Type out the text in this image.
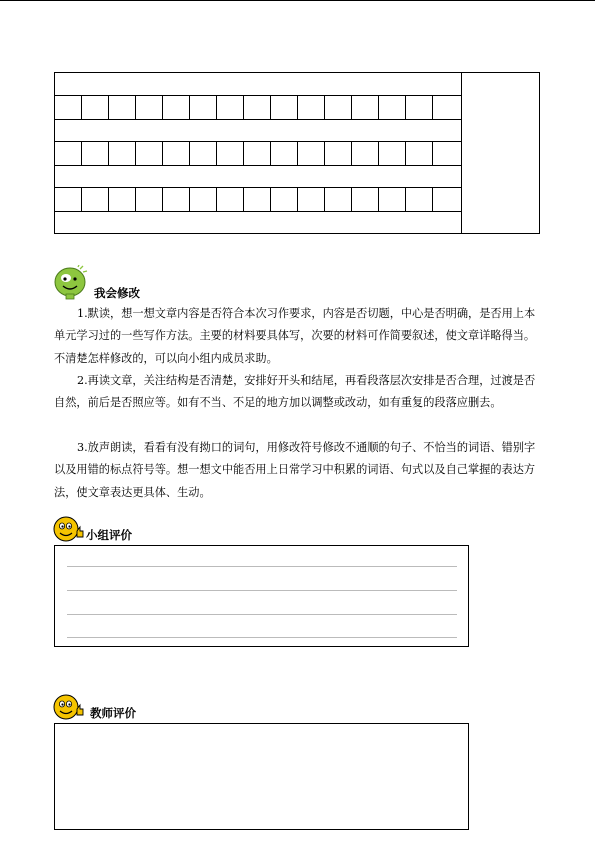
我会修改

1.默读，想一想文章内容是否符合本次习作要求，内容是否切题，中心是否明确，是否用上本单元学习过的一些写作方法。主要的材料要具体写，次要的材料可作简要叙述，使文章详略得当。不清楚怎样修改的，可以向小组内成员求助。

2.再读文章，关注结构是否清楚，安排好开头和结尾，再看段落层次安排是否合理，过渡是否自然，前后是否照应等。如有不当、不足的地方加以调整或改动，如有重复的段落应删去。

3.放声朗读，看看有没有拗口的词句，用修改符号修改不通顺的句子、不恰当的词语、错别字以及用错的标点符号等。想一想文中能否用上日常学习中积累的词语、句式以及自己掌握的表达方法，使文章表达更具体、生动。

小组评价
教师评价
